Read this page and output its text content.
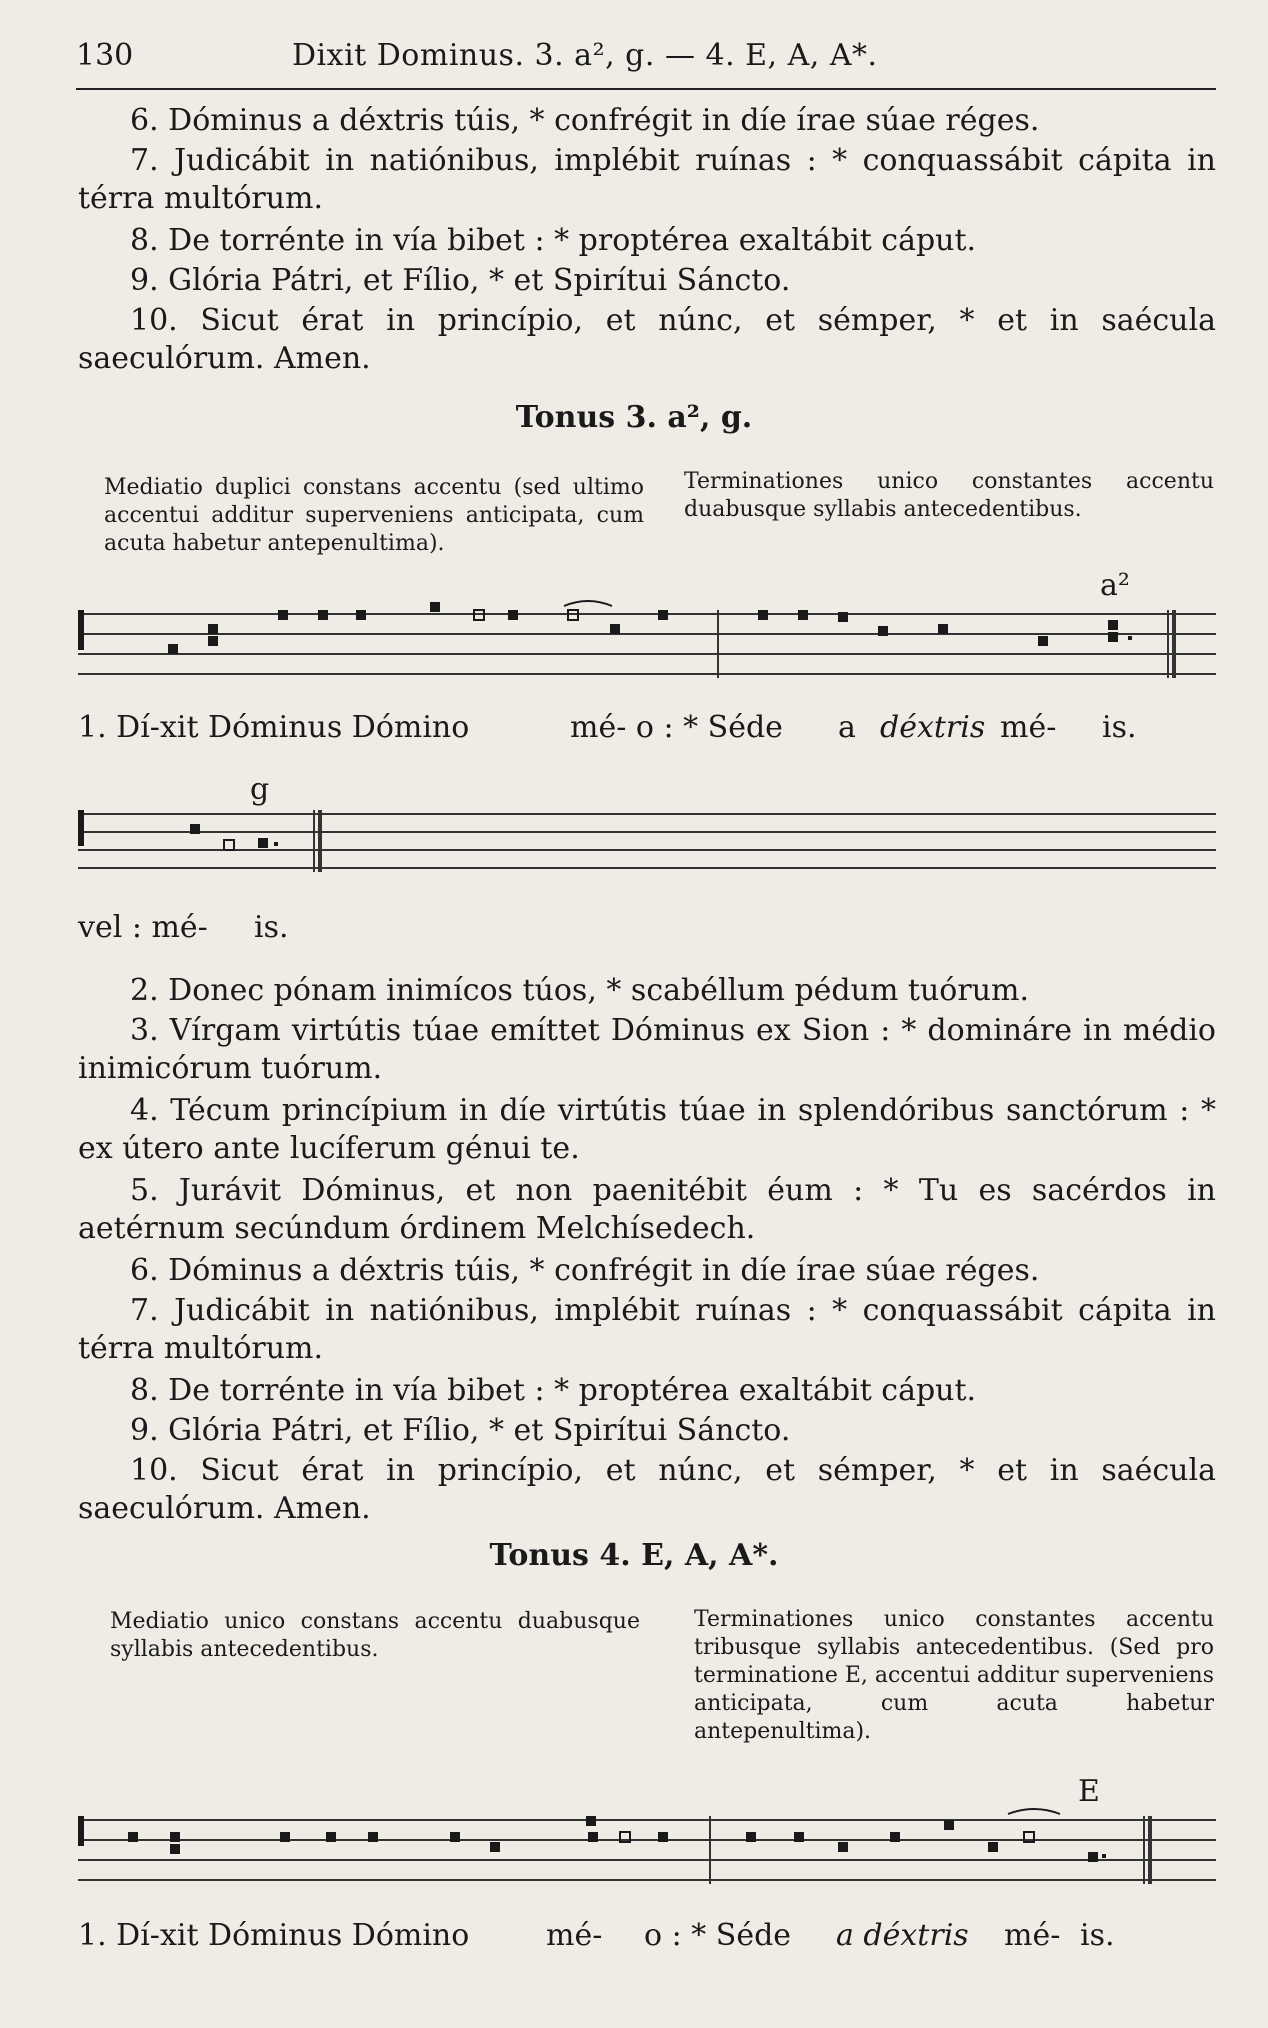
130	Dixit Dominus. 3. a², g. — 4. E, A, A*.
6. Dóminus a déxtris túis, * confrégit in díe írae súae réges.
7. Judicábit in natiónibus, implébit ruínas : * conquassábit cápita in térra multórum.
8. De torrénte in vía bibet : * proptérea exaltábit cáput.
9. Glória Pátri, et Fílio, * et Spirítui Sáncto.
10. Sicut érat in princípio, et núnc, et sémper, * et in saécula saeculórum. Amen.
Tonus 3. a², g.
Mediatio duplici constans accentu (sed ultimo accentui additur superveniens anticipata, cum acuta habetur antepenultima).
Terminationes unico constantes accentu duabusque syllabis antecedentibus.
a²
1. Dí-xit Dóminus Dómino	mé- o : * Séde a déxtris mé- is.
g
vel : mé- is.
2. Donec pónam inimícos túos, * scabéllum pédum tuórum.
3. Vírgam virtútis túae emíttet Dóminus ex Sion : * domináre in médio inimicórum tuórum.
4. Técum princípium in díe virtútis túae in splendóribus sanctórum : * ex útero ante lucíferum génui te.
5. Jurávit Dóminus, et non paenitébit éum : * Tu es sacérdos in aetérnum secúndum órdinem Melchísedech.
6. Dóminus a déxtris túis, * confrégit in díe írae súae réges.
7. Judicábit in natiónibus, implébit ruínas : * conquassábit cápita in térra multórum.
8. De torrénte in vía bibet : * proptérea exaltábit cáput.
9. Glória Pátri, et Fílio, * et Spirítui Sáncto.
10. Sicut érat in princípio, et núnc, et sémper, * et in saécula saeculórum. Amen.
Tonus 4. E, A, A*.
Mediatio unico constans accentu duabusque syllabis antecedentibus.
Terminationes unico constantes accentu tribusque syllabis antecedentibus. (Sed pro terminatione E, accentui additur superveniens anticipata, cum acuta habetur antepenultima).
E
1. Dí-xit Dóminus Dómino	mé- o : * Séde a déxtris mé- is.
